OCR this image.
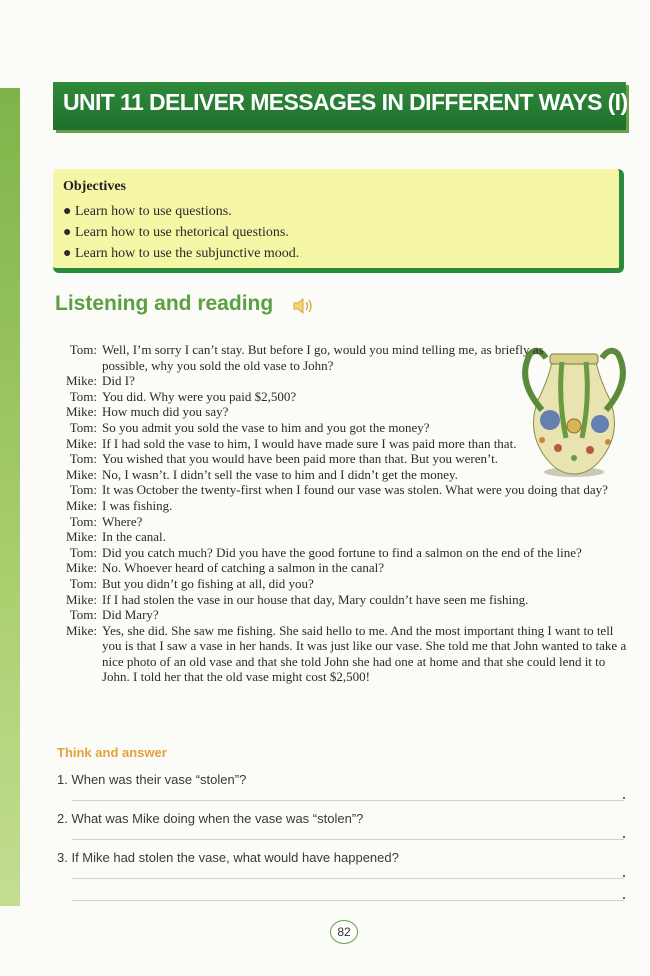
UNIT 11 DELIVER MESSAGES IN DIFFERENT WAYS (I)
Objectives
● Learn how to use questions.
● Learn how to use rhetorical questions.
● Learn how to use the subjunctive mood.
Listening and reading
Tom: Well, I’m sorry I can’t stay. But before I go, would you mind telling me, as briefly as possible, why you sold the old vase to John?
Mike: Did I?
Tom: You did. Why were you paid $2,500?
Mike: How much did you say?
Tom: So you admit you sold the vase to him and you got the money?
Mike: If I had sold the vase to him, I would have made sure I was paid more than that.
Tom: You wished that you would have been paid more than that. But you weren’t.
Mike: No, I wasn’t. I didn’t sell the vase to him and I didn’t get the money.
Tom: It was October the twenty-first when I found our vase was stolen. What were you doing that day?
Mike: I was fishing.
Tom: Where?
Mike: In the canal.
Tom: Did you catch much? Did you have the good fortune to find a salmon on the end of the line?
Mike: No. Whoever heard of catching a salmon in the canal?
Tom: But you didn’t go fishing at all, did you?
Mike: If I had stolen the vase in our house that day, Mary couldn’t have seen me fishing.
Tom: Did Mary?
Mike: Yes, she did. She saw me fishing. She said hello to me. And the most important thing I want to tell you is that I saw a vase in her hands. It was just like our vase. She told me that John wanted to take a nice photo of an old vase and that she told John she had one at home and that she could lend it to John. I told her that the old vase might cost $2,500!
Think and answer
1. When was their vase “stolen”?
2. What was Mike doing when the vase was “stolen”?
3. If Mike had stolen the vase, what would have happened?
82
